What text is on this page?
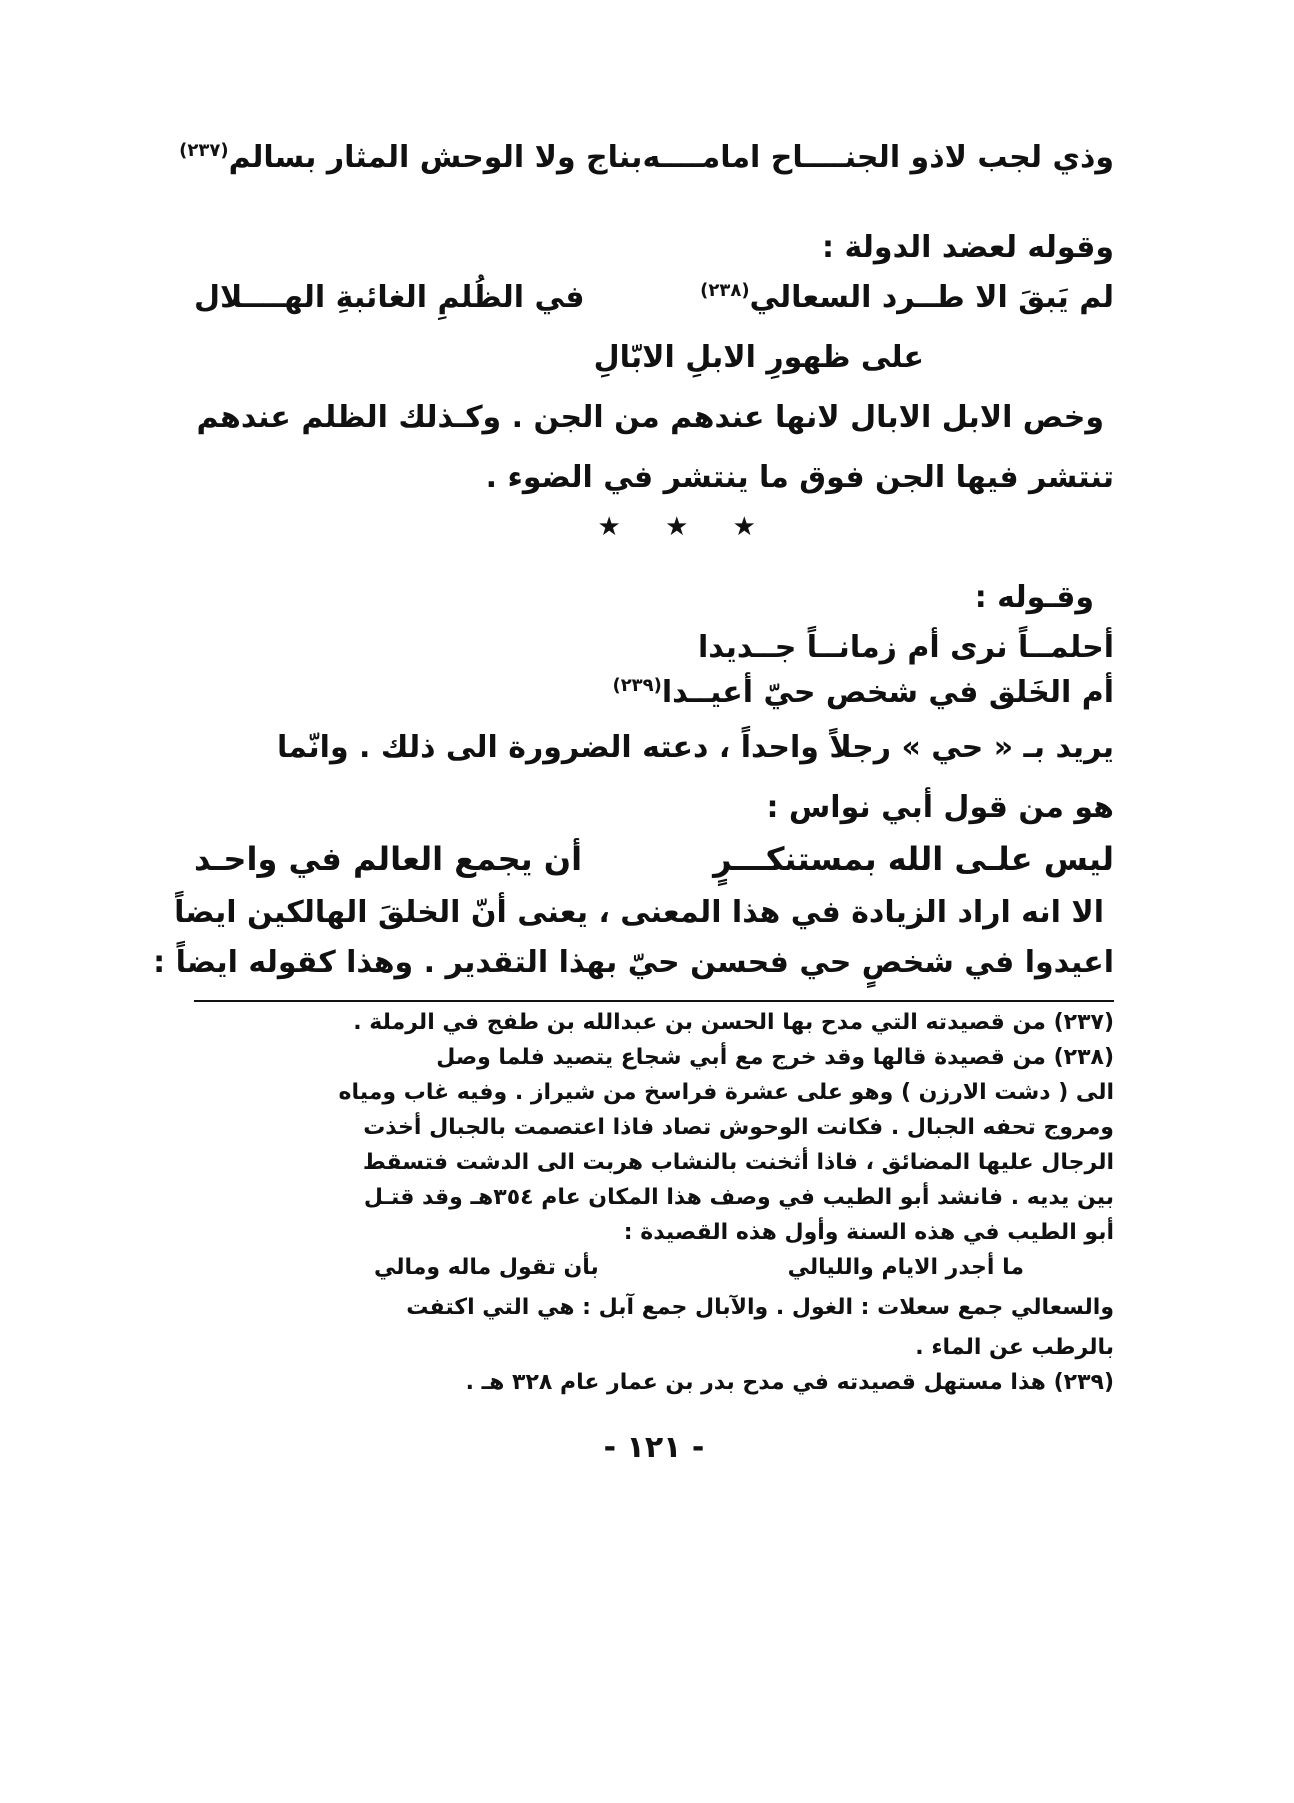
وذي لجب لاذو الجنــــاح امامــــه
بناج ولا الوحش المثار بسالم$^{(٢٣٧)}$
وقوله لعضد الدولة :
لم يَبقَ الا طــرد السعالي$^{(٢٣٨)}$
في الظُلمِ الغائبةِ الهــــلال
على ظهورِ الابلِ الابّالِ
وخص الابل الابال لانها عندهم من الجن . وكـذلك الظلم عندهم
تنتشر فيها الجن فوق ما ينتشر في الضوء .
★ ★ ★
وقـوله :
أحلمــاً نرى أم زمانــاً جــديدا
أم الخَلق في شخص حيّ أعيــدا$^{(٢٣٩)}$
يريد بـ « حي » رجلاً واحداً ، دعته الضرورة الى ذلك . وانّما
هو من قول أبي نواس :
ليس علـى الله بمستنكـــرٍ
أن يجمع العالم في واحـد
الا انه اراد الزيادة في هذا المعنى ، يعنى أنّ الخلقَ الهالكين ايضاً
اعيدوا في شخصٍ حي فحسن حيّ بهذا التقدير . وهذا كقوله ايضاً :
(٢٣٧) من قصيدته التي مدح بها الحسن بن عبدالله بن طفج في الرملة .
(٢٣٨) من قصيدة قالها وقد خرج مع أبي شجاع يتصيد فلما وصل
الى ( دشت الارزن ) وهو على عشرة فراسخ من شيراز . وفيه غاب ومياه
ومروج تحفه الجبال . فكانت الوحوش تصاد فاذا اعتصمت بالجبال أخذت
الرجال عليها المضائق ، فاذا أثخنت بالنشاب هربت الى الدشت فتسقط
بين يديه . فانشد أبو الطيب في وصف هذا المكان عام ٣٥٤هـ وقد قتـل
أبو الطيب في هذه السنة وأول هذه القصيدة :
ما أجدر الايام والليالي
بأن تقول ماله ومالي
والسعالي جمع سعلات : الغول . والآبال جمع آبل : هي التي اكتفت
بالرطب عن الماء .
(٢٣٩) هذا مستهل قصيدته في مدح بدر بن عمار عام ٣٢٨ هـ .
- ١٢١ -
